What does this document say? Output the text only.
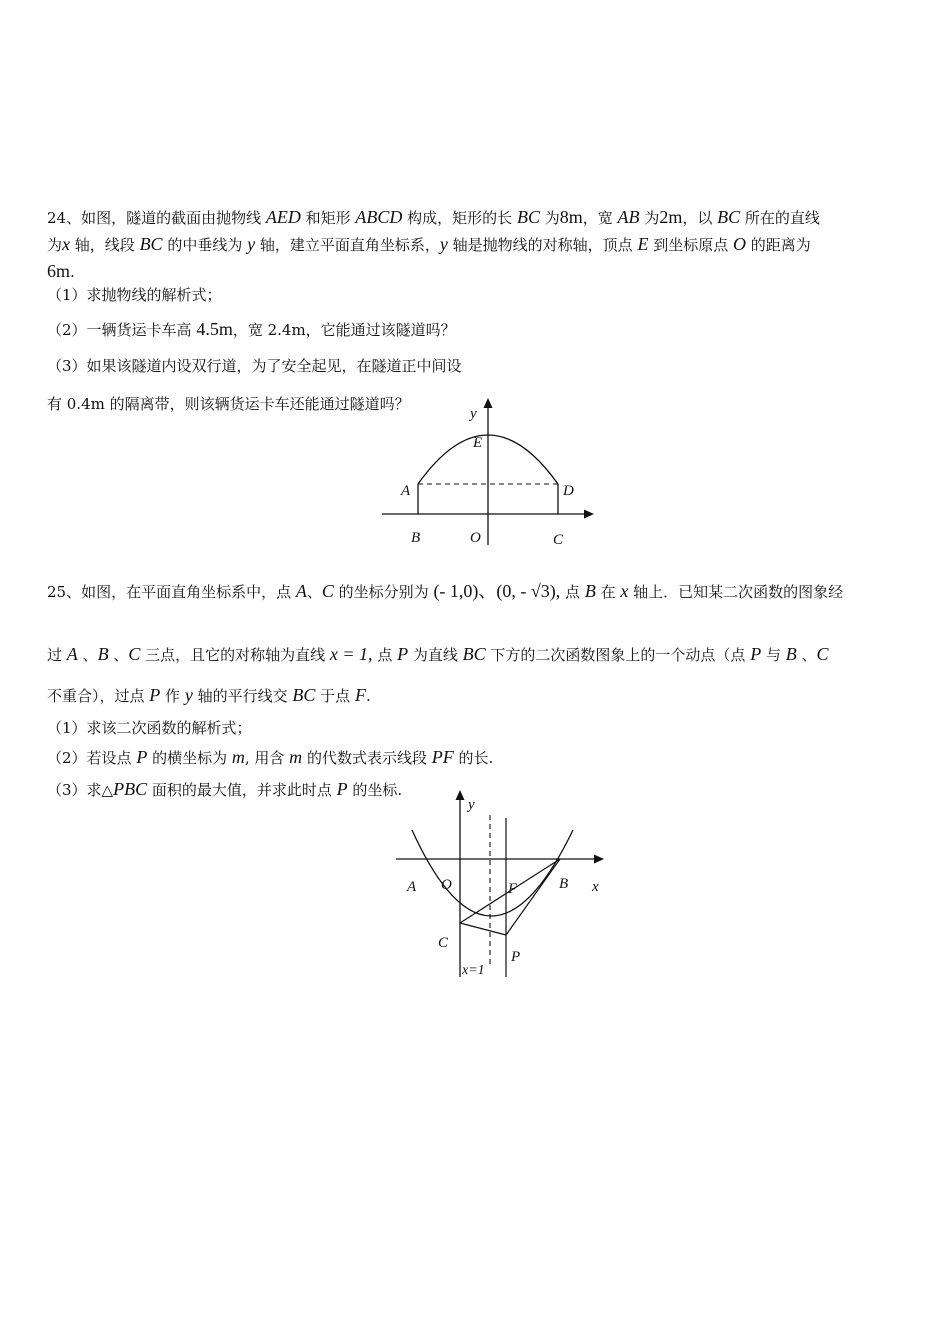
24、如图，隧道的截面由抛物线 AED 和矩形 ABCD 构成，矩形的长 BC 为8m，宽 AB 为2m，以 BC 所在的直线
为x 轴，线段 BC 的中垂线为 y 轴，建立平面直角坐标系，y 轴是抛物线的对称轴，顶点 E 到坐标原点 O 的距离为
6m.
（1）求抛物线的解析式；
（2）一辆货运卡车高 4.5m，宽 2.4m，它能通过该隧道吗？
（3）如果该隧道内设双行道，为了安全起见，在隧道正中间设
有 0.4m 的隔离带，则该辆货运卡车还能通过隧道吗？
y
E
A	D
B	O	C
25、如图，在平面直角坐标系中，点 A、C 的坐标分别为 (- 1,0)、(0, - √3), 点 B 在 x 轴上．已知某二次函数的图象经
过 A 、B 、C 三点，且它的对称轴为直线 x = 1, 点 P 为直线 BC 下方的二次函数图象上的一个动点（点 P 与 B 、C
不重合），过点 P 作 y 轴的平行线交 BC 于点 F.
（1）求该二次函数的解析式；
（2）若设点 P 的横坐标为 m, 用含 m 的代数式表示线段 PF 的长.
（3）求△PBC 面积的最大值，并求此时点 P 的坐标.
y
x
A O	F	B
C
P
x=1
